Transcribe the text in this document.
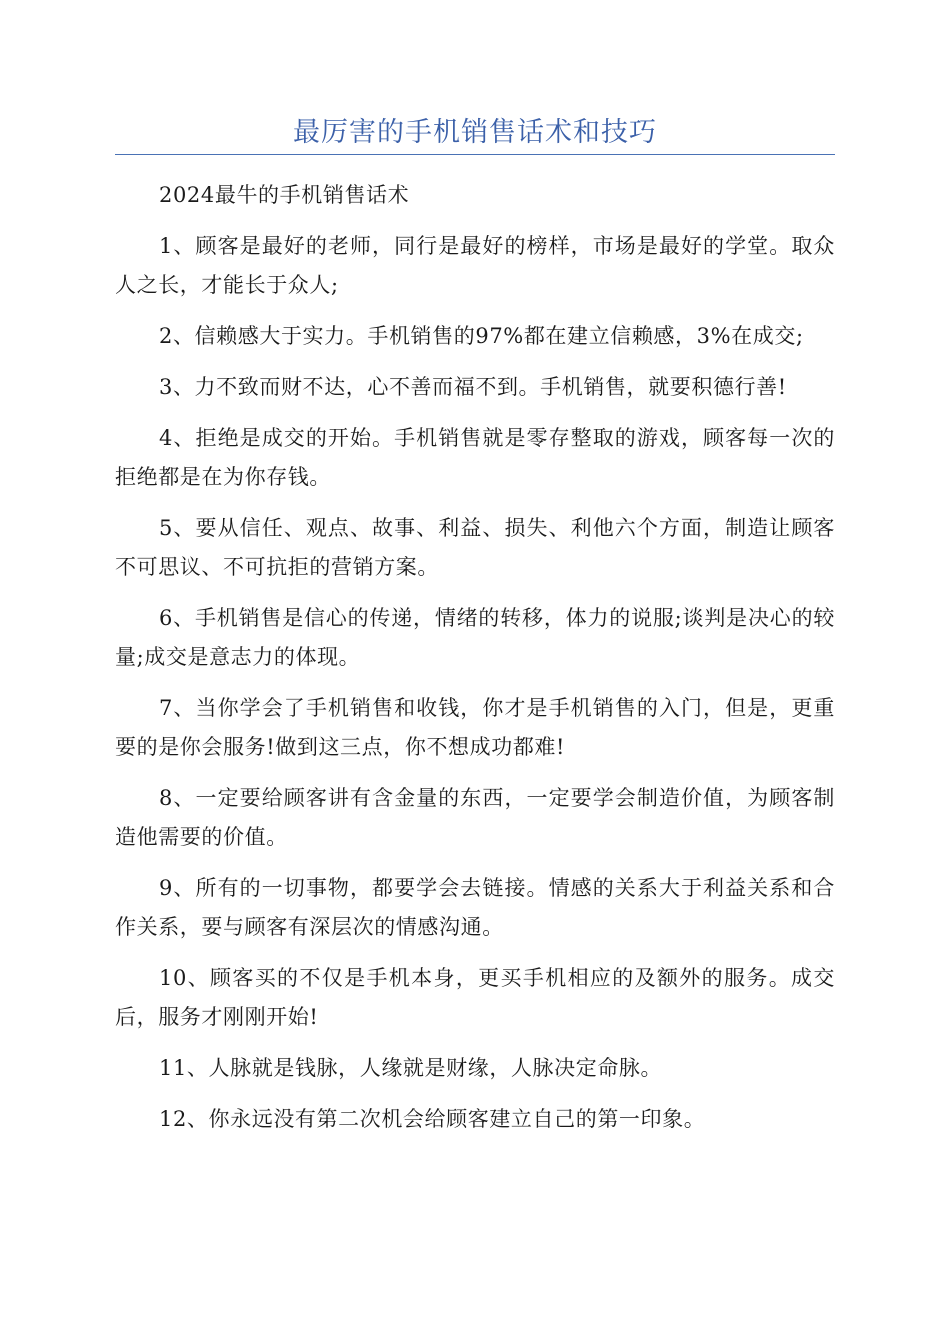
最厉害的手机销售话术和技巧

2024最牛的手机销售话术

1、顾客是最好的老师，同行是最好的榜样，市场是最好的学堂。取众人之长，才能长于众人;

2、信赖感大于实力。手机销售的97%都在建立信赖感，3%在成交;

3、力不致而财不达，心不善而福不到。手机销售，就要积德行善!

4、拒绝是成交的开始。手机销售就是零存整取的游戏，顾客每一次的拒绝都是在为你存钱。

5、要从信任、观点、故事、利益、损失、利他六个方面，制造让顾客不可思议、不可抗拒的营销方案。

6、手机销售是信心的传递，情绪的转移，体力的说服;谈判是决心的较量;成交是意志力的体现。

7、当你学会了手机销售和收钱，你才是手机销售的入门，但是，更重要的是你会服务!做到这三点，你不想成功都难!

8、一定要给顾客讲有含金量的东西，一定要学会制造价值，为顾客制造他需要的价值。

9、所有的一切事物，都要学会去链接。情感的关系大于利益关系和合作关系，要与顾客有深层次的情感沟通。

10、顾客买的不仅是手机本身，更买手机相应的及额外的服务。成交后，服务才刚刚开始!

11、人脉就是钱脉，人缘就是财缘，人脉决定命脉。

12、你永远没有第二次机会给顾客建立自己的第一印象。
